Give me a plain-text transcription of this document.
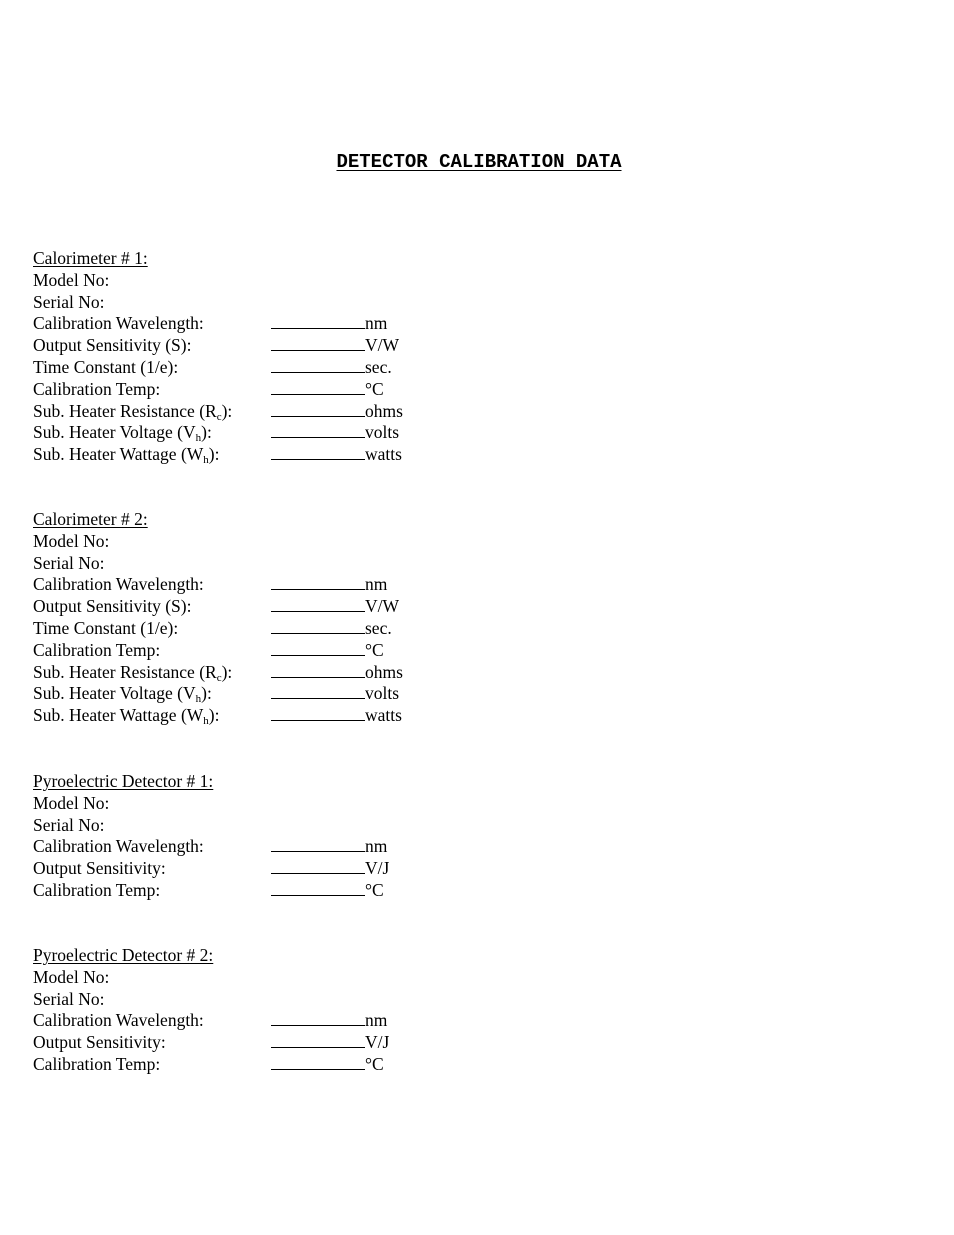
DETECTOR CALIBRATION DATA
Calorimeter # 1:
Model No:
Serial No:
Calibration Wavelength:	nm
Output Sensitivity (S):	V/W
Time Constant (1/e):	sec.
Calibration Temp:	°C
Sub. Heater Resistance $(R_c)$:	ohms
Sub. Heater Voltage $(V_h)$:	volts
Sub. Heater Wattage $(W_h)$:	watts
Calorimeter # 2:
Model No:
Serial No:
Calibration Wavelength:	nm
Output Sensitivity (S):	V/W
Time Constant (1/e):	sec.
Calibration Temp:	°C
Sub. Heater Resistance $(R_c)$:	ohms
Sub. Heater Voltage $(V_h)$:	volts
Sub. Heater Wattage $(W_h)$:	watts
Pyroelectric Detector # 1:
Model No:
Serial No:
Calibration Wavelength:	nm
Output Sensitivity:	V/J
Calibration Temp:	°C
Pyroelectric Detector # 2:
Model No:
Serial No:
Calibration Wavelength:	nm
Output Sensitivity:	V/J
Calibration Temp:	°C
